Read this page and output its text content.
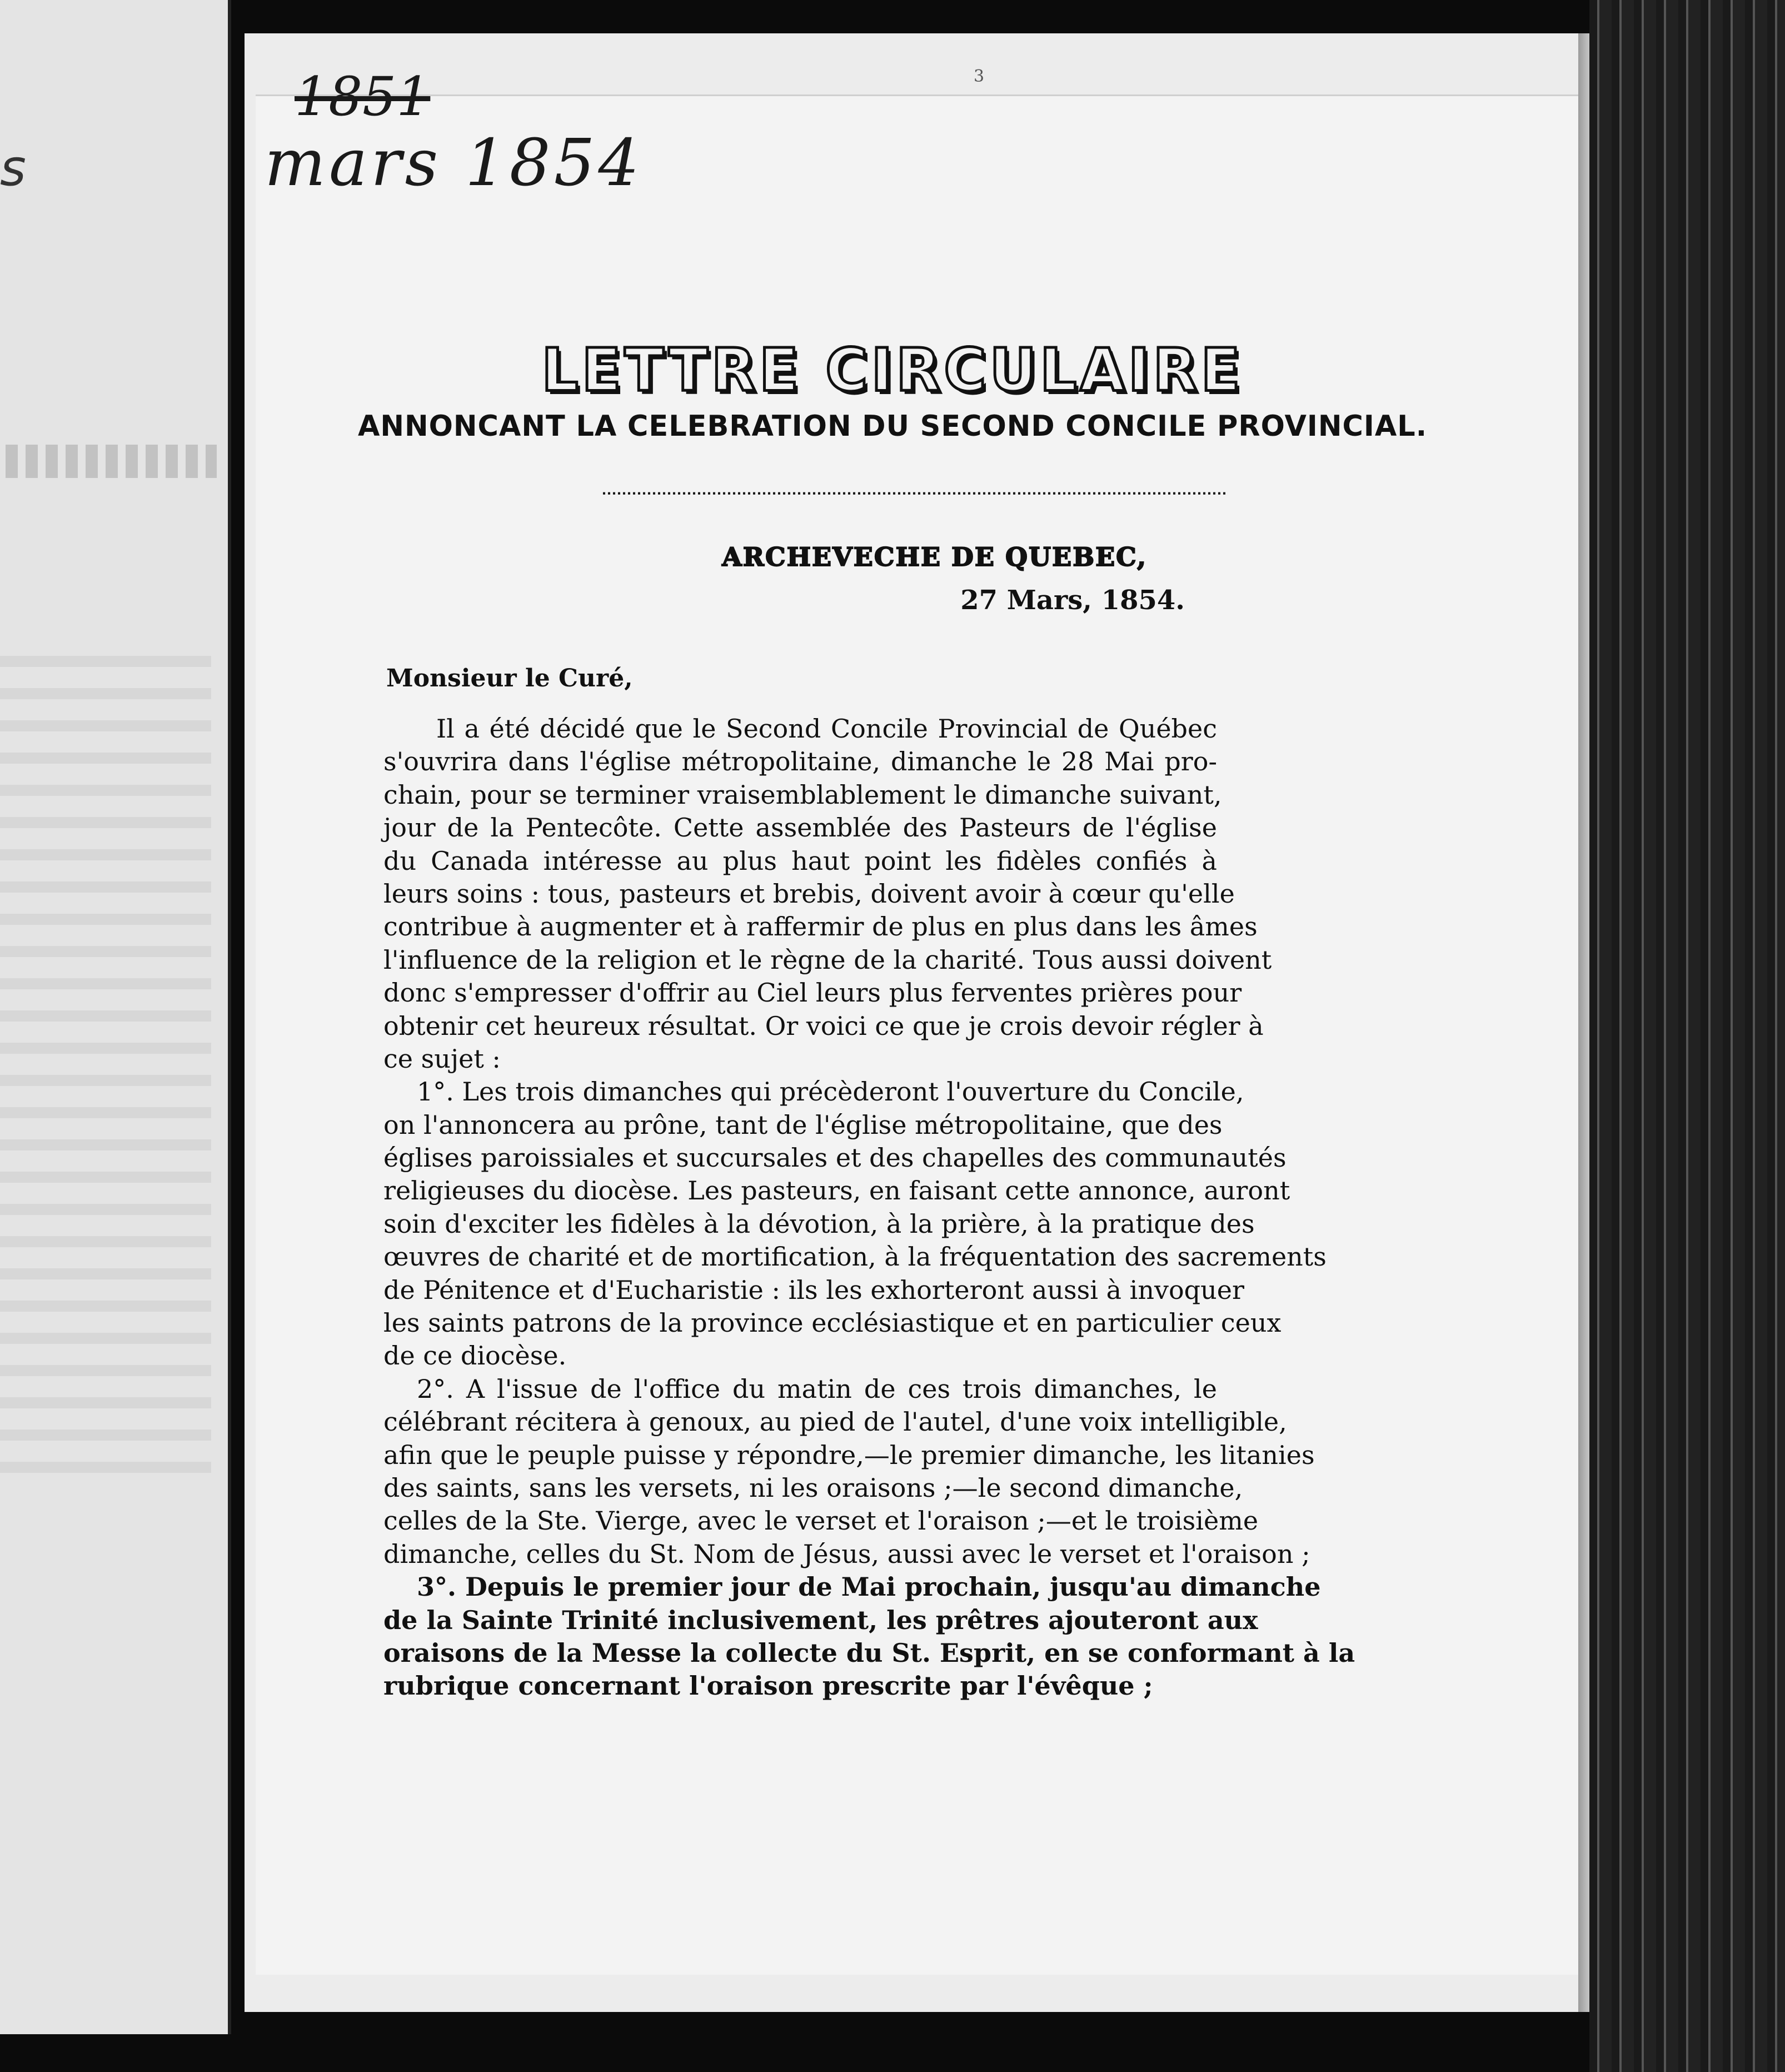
s
1851
mars 1854
3
LETTRE CIRCULAIRE
ANNONCANT LA CELEBRATION DU SECOND CONCILE PROVINCIAL.
ARCHEVECHE DE QUEBEC,
27 Mars, 1854.
Monsieur le Curé,
Il a été décidé que le Second Concile Provincial de Québec
s'ouvrira dans l'église métropolitaine, dimanche le 28 Mai pro-
chain, pour se terminer vraisemblablement le dimanche suivant,
jour de la Pentecôte. Cette assemblée des Pasteurs de l'église
du Canada intéresse au plus haut point les fidèles confiés à
leurs soins : tous, pasteurs et brebis, doivent avoir à cœur qu'elle
contribue à augmenter et à raffermir de plus en plus dans les âmes
l'influence de la religion et le règne de la charité. Tous aussi doivent
donc s'empresser d'offrir au Ciel leurs plus ferventes prières pour
obtenir cet heureux résultat. Or voici ce que je crois devoir régler à
ce sujet :
1°. Les trois dimanches qui précèderont l'ouverture du Concile,
on l'annoncera au prône, tant de l'église métropolitaine, que des
églises paroissiales et succursales et des chapelles des communautés
religieuses du diocèse. Les pasteurs, en faisant cette annonce, auront
soin d'exciter les fidèles à la dévotion, à la prière, à la pratique des
œuvres de charité et de mortification, à la fréquentation des sacrements
de Pénitence et d'Eucharistie : ils les exhorteront aussi à invoquer
les saints patrons de la province ecclésiastique et en particulier ceux
de ce diocèse.
2°. A l'issue de l'office du matin de ces trois dimanches, le
célébrant récitera à genoux, au pied de l'autel, d'une voix intelligible,
afin que le peuple puisse y répondre,—le premier dimanche, les litanies
des saints, sans les versets, ni les oraisons ;—le second dimanche,
celles de la Ste. Vierge, avec le verset et l'oraison ;—et le troisième
dimanche, celles du St. Nom de Jésus, aussi avec le verset et l'oraison ;
3°. Depuis le premier jour de Mai prochain, jusqu'au dimanche
de la Sainte Trinité inclusivement, les prêtres ajouteront aux
oraisons de la Messe la collecte du St. Esprit, en se conformant à la
rubrique concernant l'oraison prescrite par l'évêque ;
